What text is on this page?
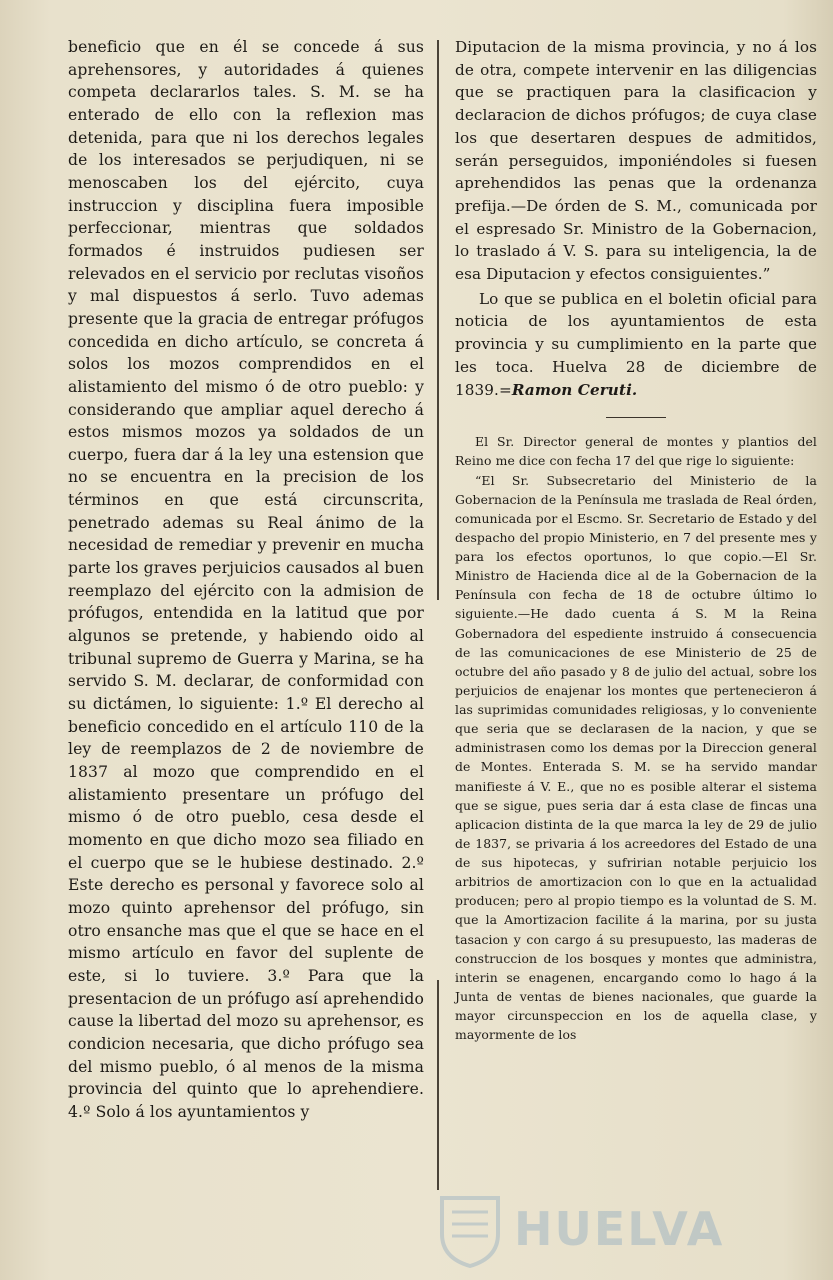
beneficio que en él se concede á sus aprehensores, y autoridades á quienes competa declararlos tales. S. M. se ha enterado de ello con la reflexion mas detenida, para que ni los derechos legales de los interesados se perjudiquen, ni se menoscaben los del ejército, cuya instruccion y disciplina fuera imposible perfeccionar, mientras que soldados formados é instruidos pudiesen ser relevados en el servicio por reclutas visoños y mal dispuestos á serlo. Tuvo ademas presente que la gracia de entregar prófugos concedida en dicho artículo, se concreta á solos los mozos comprendidos en el alistamiento del mismo ó de otro pueblo: y considerando que ampliar aquel derecho á estos mismos mozos ya soldados de un cuerpo, fuera dar á la ley una estension que no se encuentra en la precision de los términos en que está circunscrita, penetrado ademas su Real ánimo de la necesidad de remediar y prevenir en mucha parte los graves perjuicios causados al buen reemplazo del ejército con la admision de prófugos, entendida en la latitud que por algunos se pretende, y habiendo oido al tribunal supremo de Guerra y Marina, se ha servido S. M. declarar, de conformidad con su dictámen, lo siguiente: 1.º El derecho al beneficio concedido en el artículo 110 de la ley de reemplazos de 2 de noviembre de 1837 al mozo que comprendido en el alistamiento presentare un prófugo del mismo ó de otro pueblo, cesa desde el momento en que dicho mozo sea filiado en el cuerpo que se le hubiese destinado. 2.º Este derecho es personal y favorece solo al mozo quinto aprehensor del prófugo, sin otro ensanche mas que el que se hace en el mismo artículo en favor del suplente de este, si lo tuviere. 3.º Para que la presentacion de un prófugo así aprehendido cause la libertad del mozo su aprehensor, es condicion necesaria, que dicho prófugo sea del mismo pueblo, ó al menos de la misma provincia del quinto que lo aprehendiere. 4.º Solo á los ayuntamientos y

Diputacion de la misma provincia, y no á los de otra, compete intervenir en las diligencias que se practiquen para la clasificacion y declaracion de dichos prófugos; de cuya clase los que desertaren despues de admitidos, serán perseguidos, imponiéndoles si fuesen aprehendidos las penas que la ordenanza prefija.—De órden de S. M., comunicada por el espresado Sr. Ministro de la Gobernacion, lo traslado á V. S. para su inteligencia, la de esa Diputacion y efectos consiguientes.”

Lo que se publica en el boletin oficial para noticia de los ayuntamientos de esta provincia y su cumplimiento en la parte que les toca. Huelva 28 de diciembre de 1839.=Ramon Ceruti.

El Sr. Director general de montes y plantios del Reino me dice con fecha 17 del que rige lo siguiente:

“El Sr. Subsecretario del Ministerio de la Gobernacion de la Península me traslada de Real órden, comunicada por el Escmo. Sr. Secretario de Estado y del despacho del propio Ministerio, en 7 del presente mes y para los efectos oportunos, lo que copio.—El Sr. Ministro de Hacienda dice al de la Gobernacion de la Península con fecha de 18 de octubre último lo siguiente.—He dado cuenta á S. M la Reina Gobernadora del espediente instruido á consecuencia de las comunicaciones de ese Ministerio de 25 de octubre del año pasado y 8 de julio del actual, sobre los perjuicios de enajenar los montes que pertenecieron á las suprimidas comunidades religiosas, y lo conveniente que seria que se declarasen de la nacion, y que se administrasen como los demas por la Direccion general de Montes. Enterada S. M. se ha servido mandar manifieste á V. E., que no es posible alterar el sistema que se sigue, pues seria dar á esta clase de fincas una aplicacion distinta de la que marca la ley de 29 de julio de 1837, se privaria á los acreedores del Estado de una de sus hipotecas, y sufririan notable perjuicio los arbitrios de amortizacion con lo que en la actualidad producen; pero al propio tiempo es la voluntad de S. M. que la Amortizacion facilite á la marina, por su justa tasacion y con cargo á su presupuesto, las maderas de construccion de los bosques y montes que administra, interin se enagenen, encargando como lo hago á la Junta de ventas de bienes nacionales, que guarde la mayor circunspeccion en los de aquella clase, y mayormente de los

HUELVA
